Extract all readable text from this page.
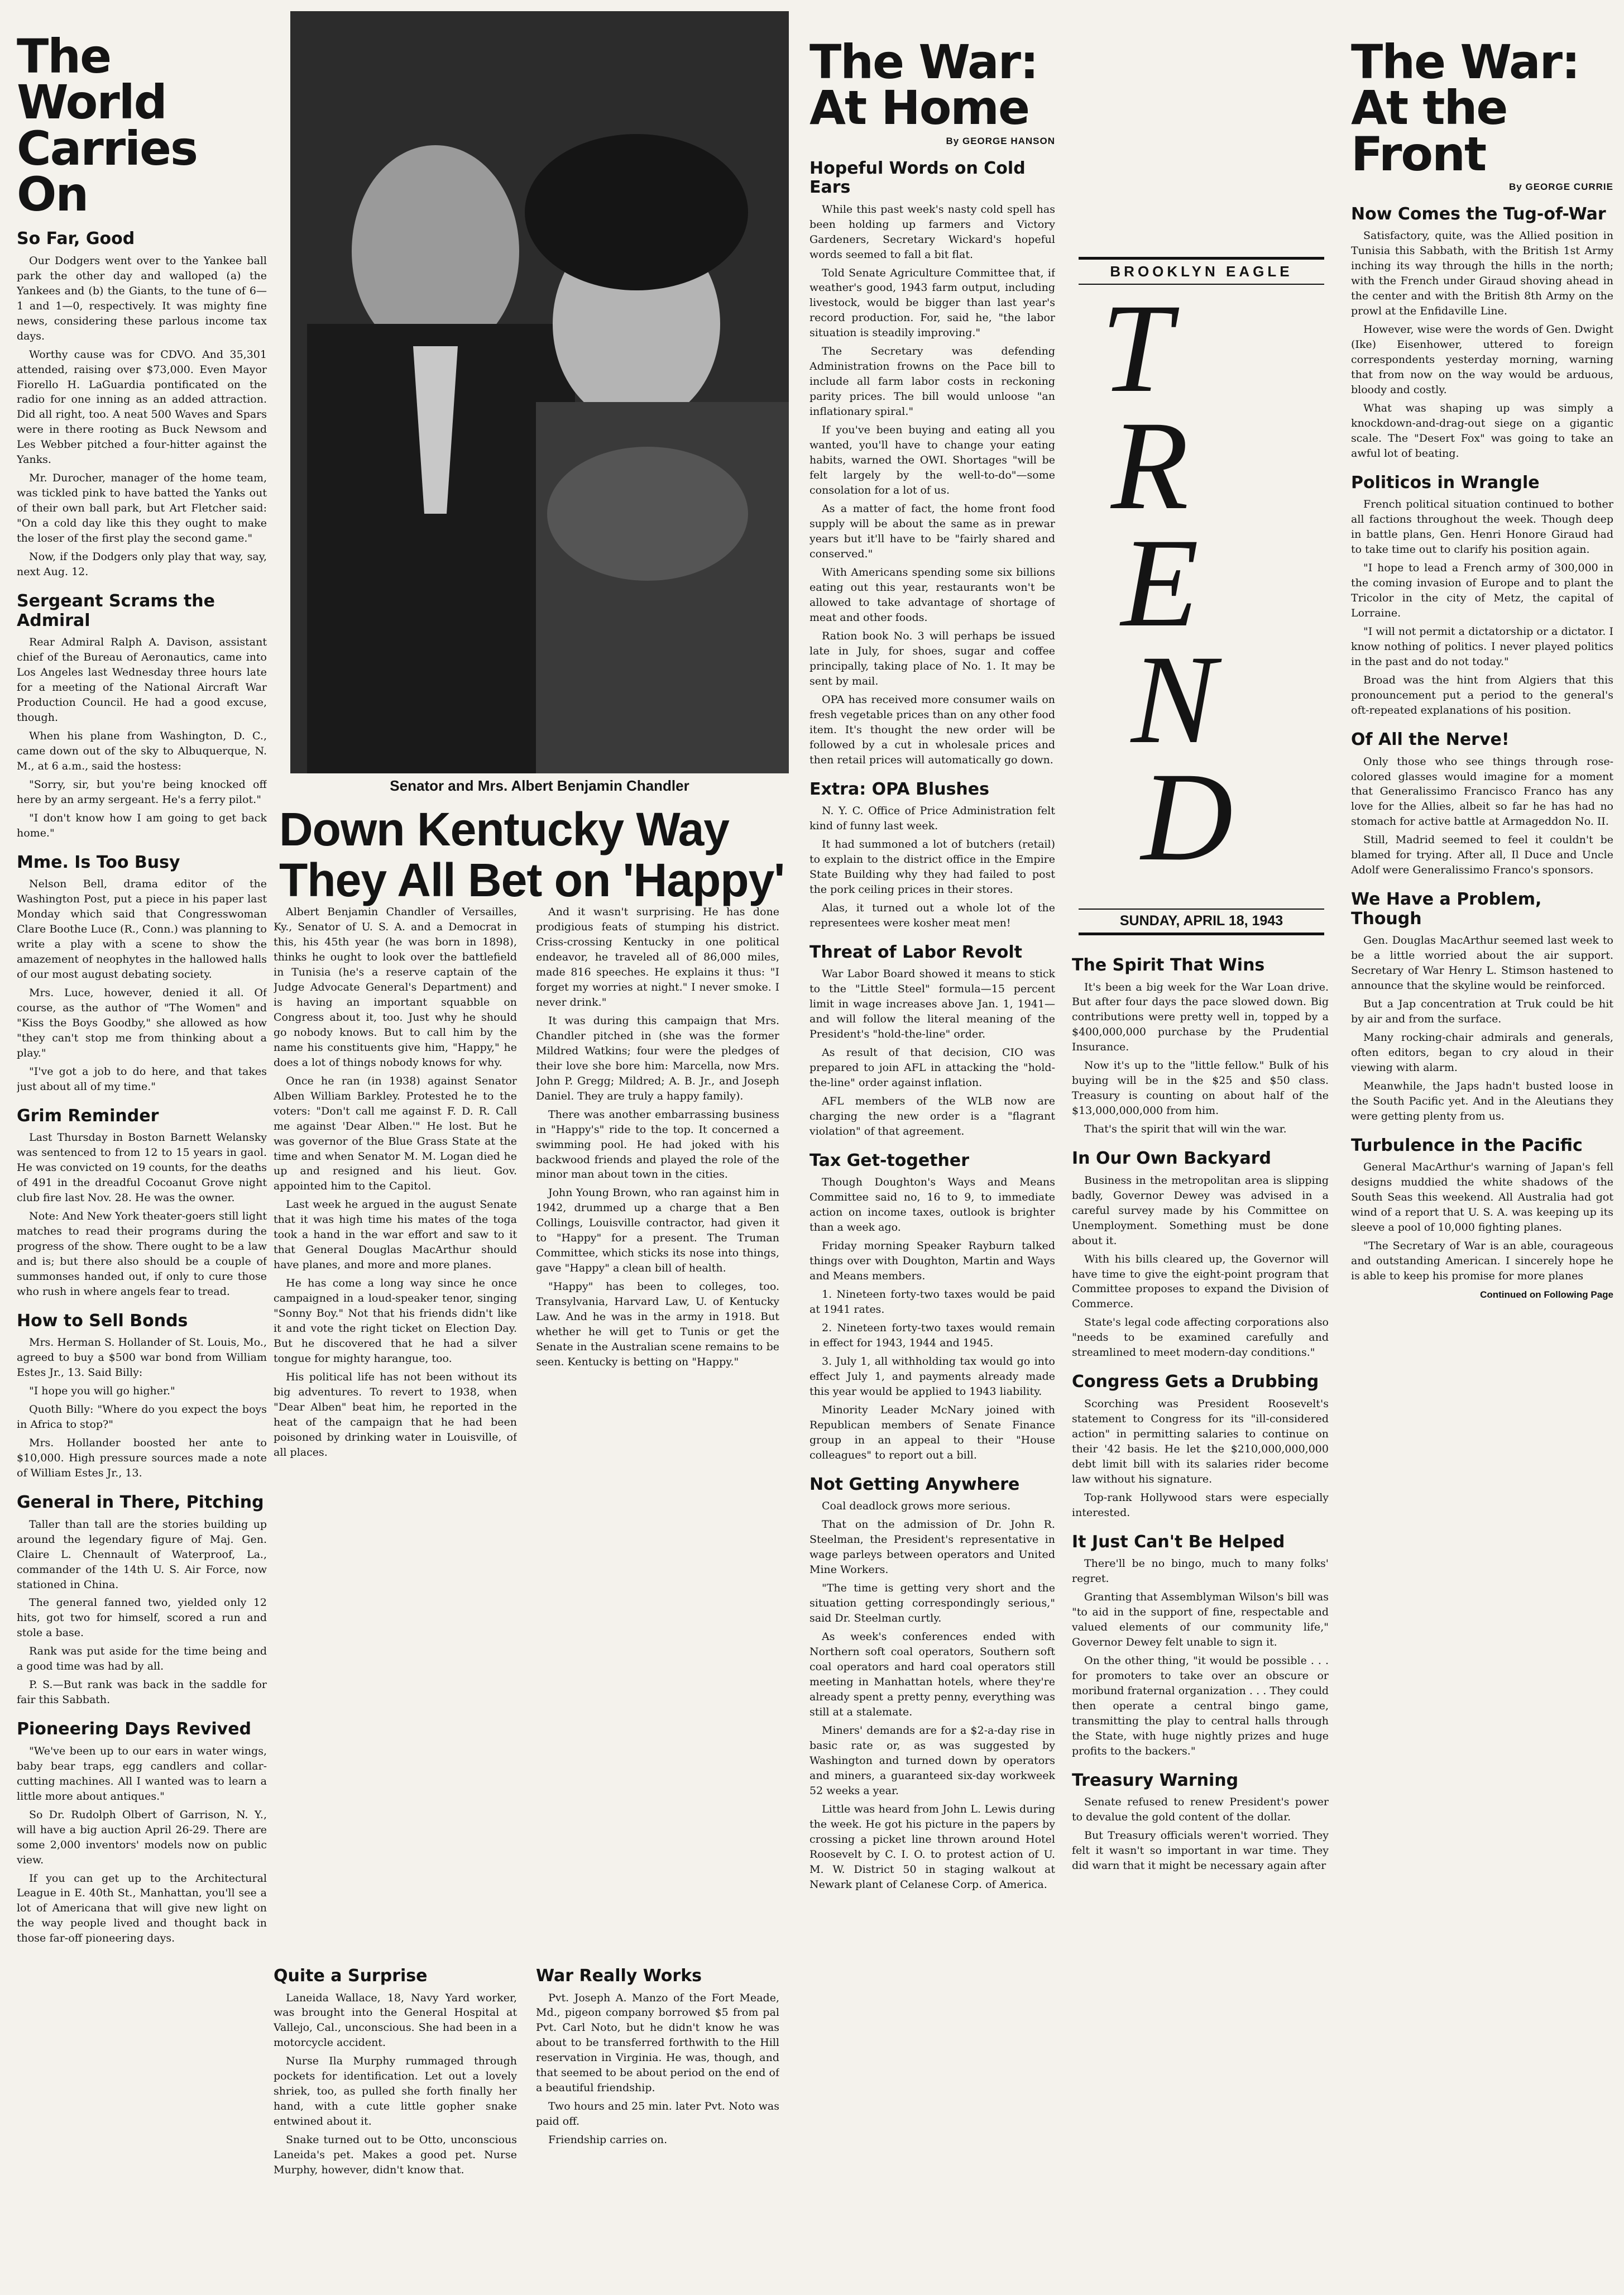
The World Carries On
So Far, Good

Our Dodgers went over to the Yankee ball park the other day and walloped (a) the Yankees and (b) the Giants, to the tune of 6—1 and 1—0, respectively. It was mighty fine news, considering these parlous income tax days.

Worthy cause was for CDVO. And 35,301 attended, raising over $73,000. Even Mayor Fiorello H. LaGuardia pontificated on the radio for one inning as an added attraction. Did all right, too. A neat 500 Waves and Spars were in there rooting as Buck Newsom and Les Webber pitched a four-hitter against the Yanks.

Mr. Durocher, manager of the home team, was tickled pink to have batted the Yanks out of their own ball park, but Art Fletcher said: "On a cold day like this they ought to make the loser of the first play the second game."

Now, if the Dodgers only play that way, say, next Aug. 12.

Sergeant Scrams the Admiral

Rear Admiral Ralph A. Davison, assistant chief of the Bureau of Aeronautics, came into Los Angeles last Wednesday three hours late for a meeting of the National Aircraft War Production Council. He had a good excuse, though.

When his plane from Washington, D. C., came down out of the sky to Albuquerque, N. M., at 6 a.m., said the hostess:

"Sorry, sir, but you're being knocked off here by an army sergeant. He's a ferry pilot."

"I don't know how I am going to get back home."

Mme. Is Too Busy

Nelson Bell, drama editor of the Washington Post, put a piece in his paper last Monday which said that Congresswoman Clare Boothe Luce (R., Conn.) was planning to write a play with a scene to show the amazement of neophytes in the hallowed halls of our most august debating society.

Mrs. Luce, however, denied it all. Of course, as the author of "The Women" and "Kiss the Boys Goodby," she allowed as how "they can't stop me from thinking about a play."

"I've got a job to do here, and that takes just about all of my time."

Grim Reminder

Last Thursday in Boston Barnett Welansky was sentenced to from 12 to 15 years in gaol. He was convicted on 19 counts, for the deaths of 491 in the dreadful Cocoanut Grove night club fire last Nov. 28. He was the owner.

Note: And New York theater-goers still light matches to read their programs during the progress of the show. There ought to be a law and is; but there also should be a couple of summonses handed out, if only to cure those who rush in where angels fear to tread.

How to Sell Bonds

Mrs. Herman S. Hollander of St. Louis, Mo., agreed to buy a $500 war bond from William Estes Jr., 13. Said Billy:

"I hope you will go higher."

Quoth Billy: "Where do you expect the boys in Africa to stop?"

Mrs. Hollander boosted her ante to $10,000. High pressure sources made a note of William Estes Jr., 13.

General in There, Pitching

Taller than tall are the stories building up around the legendary figure of Maj. Gen. Claire L. Chennault of Waterproof, La., commander of the 14th U. S. Air Force, now stationed in China.

The general fanned two, yielded only 12 hits, got two for himself, scored a run and stole a base.

Rank was put aside for the time being and a good time was had by all.

P. S.—But rank was back in the saddle for fair this Sabbath.

Pioneering Days Revived

"We've been up to our ears in water wings, baby bear traps, egg candlers and collar-cutting machines. All I wanted was to learn a little more about antiques."

So Dr. Rudolph Olbert of Garrison, N. Y., will have a big auction April 26-29. There are some 2,000 inventors' models now on public view.

If you can get up to the Architectural League in E. 40th St., Manhattan, you'll see a lot of Americana that will give new light on the way people lived and thought back in those far-off pioneering days.

Senator and Mrs. Albert Benjamin Chandler
Down Kentucky Way
They All Bet on 'Happy'

Albert Benjamin Chandler of Versailles, Ky., Senator of U. S. A. and a Democrat in this, his 45th year (he was born in 1898), thinks he ought to look over the battlefield in Tunisia (he's a reserve captain of the Judge Advocate General's Department) and is having an important squabble on Congress about it, too. Just why he should go nobody knows. But to call him by the name his constituents give him, "Happy," he does a lot of things nobody knows for why.

Once he ran (in 1938) against Senator Alben William Barkley. Protested he to the voters: "Don't call me against F. D. R. Call me against 'Dear Alben.'" He lost. But he was governor of the Blue Grass State at the time and when Senator M. M. Logan died he up and resigned and his lieut. Gov. appointed him to the Capitol.

Last week he argued in the august Senate that it was high time his mates of the toga took a hand in the war effort and saw to it that General Douglas MacArthur should have planes, and more and more planes.

He has come a long way since he once campaigned in a loud-speaker tenor, singing "Sonny Boy." Not that his friends didn't like it and vote the right ticket on Election Day. But he discovered that he had a silver tongue for mighty harangue, too.

His political life has not been without its big adventures. To revert to 1938, when "Dear Alben" beat him, he reported in the heat of the campaign that he had been poisoned by drinking water in Louisville, of all places.

And it wasn't surprising. He has done prodigious feats of stumping his district. Criss-crossing Kentucky in one political endeavor, he traveled all of 86,000 miles, made 816 speeches. He explains it thus: "I forget my worries at night." I never smoke. I never drink."

It was during this campaign that Mrs. Chandler pitched in (she was the former Mildred Watkins; four were the pledges of their love she bore him: Marcella, now Mrs. John P. Gregg; Mildred; A. B. Jr., and Joseph Daniel. They are truly a happy family).

There was another embarrassing business in "Happy's" ride to the top. It concerned a swimming pool. He had joked with his backwood friends and played the role of the minor man about town in the cities.

John Young Brown, who ran against him in 1942, drummed up a charge that a Ben Collings, Louisville contractor, had given it to "Happy" for a present. The Truman Committee, which sticks its nose into things, gave "Happy" a clean bill of health.

"Happy" has been to colleges, too. Transylvania, Harvard Law, U. of Kentucky Law. And he was in the army in 1918. But whether he will get to Tunis or get the Senate in the Australian scene remains to be seen. Kentucky is betting on "Happy."

Quite a Surprise

Laneida Wallace, 18, Navy Yard worker, was brought into the General Hospital at Vallejo, Cal., unconscious. She had been in a motorcycle accident.

Nurse Ila Murphy rummaged through pockets for identification. Let out a lovely shriek, too, as pulled she forth finally her hand, with a cute little gopher snake entwined about it.

Snake turned out to be Otto, unconscious Laneida's pet. Makes a good pet. Nurse Murphy, however, didn't know that.

War Really Works

Pvt. Joseph A. Manzo of the Fort Meade, Md., pigeon company borrowed $5 from pal Pvt. Carl Noto, but he didn't know he was about to be transferred forthwith to the Hill reservation in Virginia. He was, though, and that seemed to be about period on the end of a beautiful friendship.

Two hours and 25 min. later Pvt. Noto was paid off.

Friendship carries on.

The War: At Home
By GEORGE HANSON
Hopeful Words on Cold Ears

While this past week's nasty cold spell has been holding up farmers and Victory Gardeners, Secretary Wickard's hopeful words seemed to fall a bit flat.

Told Senate Agriculture Committee that, if weather's good, 1943 farm output, including livestock, would be bigger than last year's record production. For, said he, "the labor situation is steadily improving."

The Secretary was defending Administration frowns on the Pace bill to include all farm labor costs in reckoning parity prices. The bill would unloose "an inflationary spiral."

If you've been buying and eating all you wanted, you'll have to change your eating habits, warned the OWI. Shortages "will be felt largely by the well-to-do"—some consolation for a lot of us.

As a matter of fact, the home front food supply will be about the same as in prewar years but it'll have to be "fairly shared and conserved."

With Americans spending some six billions eating out this year, restaurants won't be allowed to take advantage of shortage of meat and other foods.

Ration book No. 3 will perhaps be issued late in July, for shoes, sugar and coffee principally, taking place of No. 1. It may be sent by mail.

OPA has received more consumer wails on fresh vegetable prices than on any other food item. It's thought the new order will be followed by a cut in wholesale prices and then retail prices will automatically go down.

Extra: OPA Blushes

N. Y. C. Office of Price Administration felt kind of funny last week.

It had summoned a lot of butchers (retail) to explain to the district office in the Empire State Building why they had failed to post the pork ceiling prices in their stores.

Alas, it turned out a whole lot of the representees were kosher meat men!

Threat of Labor Revolt

War Labor Board showed it means to stick to the "Little Steel" formula—15 percent limit in wage increases above Jan. 1, 1941—and will follow the literal meaning of the President's "hold-the-line" order.

As result of that decision, CIO was prepared to join AFL in attacking the "hold-the-line" order against inflation.

AFL members of the WLB now are charging the new order is a "flagrant violation" of that agreement.

Tax Get-together

Though Doughton's Ways and Means Committee said no, 16 to 9, to immediate action on income taxes, outlook is brighter than a week ago.

Friday morning Speaker Rayburn talked things over with Doughton, Martin and Ways and Means members.

1. Nineteen forty-two taxes would be paid at 1941 rates.

2. Nineteen forty-two taxes would remain in effect for 1943, 1944 and 1945.

3. July 1, all withholding tax would go into effect July 1, and payments already made this year would be applied to 1943 liability.

Minority Leader McNary joined with Republican members of Senate Finance group in an appeal to their "House colleagues" to report out a bill.

Not Getting Anywhere

Coal deadlock grows more serious.

That on the admission of Dr. John R. Steelman, the President's representative in wage parleys between operators and United Mine Workers.

"The time is getting very short and the situation getting correspondingly serious," said Dr. Steelman curtly.

As week's conferences ended with Northern soft coal operators, Southern soft coal operators and hard coal operators still meeting in Manhattan hotels, where they're already spent a pretty penny, everything was still at a stalemate.

Miners' demands are for a $2-a-day rise in basic rate or, as was suggested by Washington and turned down by operators and miners, a guaranteed six-day workweek 52 weeks a year.

Little was heard from John L. Lewis during the week. He got his picture in the papers by crossing a picket line thrown around Hotel Roosevelt by C. I. O. to protest action of U. M. W. District 50 in staging walkout at Newark plant of Celanese Corp. of America.

BROOKLYN EAGLE
T
R
E
N
D
SUNDAY, APRIL 18, 1943
The Spirit That Wins

It's been a big week for the War Loan drive. But after four days the pace slowed down. Big contributions were pretty well in, topped by a $400,000,000 purchase by the Prudential Insurance.

Now it's up to the "little fellow." Bulk of his buying will be in the $25 and $50 class. Treasury is counting on about half of the $13,000,000,000 from him.

That's the spirit that will win the war.

In Our Own Backyard

Business in the metropolitan area is slipping badly, Governor Dewey was advised in a careful survey made by his Committee on Unemployment. Something must be done about it.

With his bills cleared up, the Governor will have time to give the eight-point program that Committee proposes to expand the Division of Commerce.

State's legal code affecting corporations also "needs to be examined carefully and streamlined to meet modern-day conditions."

Congress Gets a Drubbing

Scorching was President Roosevelt's statement to Congress for its "ill-considered action" in permitting salaries to continue on their '42 basis. He let the $210,000,000,000 debt limit bill with its salaries rider become law without his signature.

Top-rank Hollywood stars were especially interested.

It Just Can't Be Helped

There'll be no bingo, much to many folks' regret.

Granting that Assemblyman Wilson's bill was "to aid in the support of fine, respectable and valued elements of our community life," Governor Dewey felt unable to sign it.

On the other thing, "it would be possible . . . for promoters to take over an obscure or moribund fraternal organization . . . They could then operate a central bingo game, transmitting the play to central halls through the State, with huge nightly prizes and huge profits to the backers."

Treasury Warning

Senate refused to renew President's power to devalue the gold content of the dollar.

But Treasury officials weren't worried. They felt it wasn't so important in war time. They did warn that it might be necessary again after

The War: At the Front
By GEORGE CURRIE
Now Comes the Tug-of-War

Satisfactory, quite, was the Allied position in Tunisia this Sabbath, with the British 1st Army inching its way through the hills in the north; with the French under Giraud shoving ahead in the center and with the British 8th Army on the prowl at the Enfidaville Line.

However, wise were the words of Gen. Dwight (Ike) Eisenhower, uttered to foreign correspondents yesterday morning, warning that from now on the way would be arduous, bloody and costly.

What was shaping up was simply a knockdown-and-drag-out siege on a gigantic scale. The "Desert Fox" was going to take an awful lot of beating.

Politicos in Wrangle

French political situation continued to bother all factions throughout the week. Though deep in battle plans, Gen. Henri Honore Giraud had to take time out to clarify his position again.

"I hope to lead a French army of 300,000 in the coming invasion of Europe and to plant the Tricolor in the city of Metz, the capital of Lorraine.

"I will not permit a dictatorship or a dictator. I know nothing of politics. I never played politics in the past and do not today."

Broad was the hint from Algiers that this pronouncement put a period to the general's oft-repeated explanations of his position.

Of All the Nerve!

Only those who see things through rose-colored glasses would imagine for a moment that Generalissimo Francisco Franco has any love for the Allies, albeit so far he has had no stomach for active battle at Armageddon No. II.

Still, Madrid seemed to feel it couldn't be blamed for trying. After all, Il Duce and Uncle Adolf were Generalissimo Franco's sponsors.

We Have a Problem, Though

Gen. Douglas MacArthur seemed last week to be a little worried about the air support. Secretary of War Henry L. Stimson hastened to announce that the skyline would be reinforced.

But a Jap concentration at Truk could be hit by air and from the surface.

Many rocking-chair admirals and generals, often editors, began to cry aloud in their viewing with alarm.

Meanwhile, the Japs hadn't busted loose in the South Pacific yet. And in the Aleutians they were getting plenty from us.

Turbulence in the Pacific

General MacArthur's warning of Japan's fell designs muddied the white shadows of the South Seas this weekend. All Australia had got wind of a report that U. S. A. was keeping up its sleeve a pool of 10,000 fighting planes.

"The Secretary of War is an able, courageous and outstanding American. I sincerely hope he is able to keep his promise for more planes

Continued on Following Page
